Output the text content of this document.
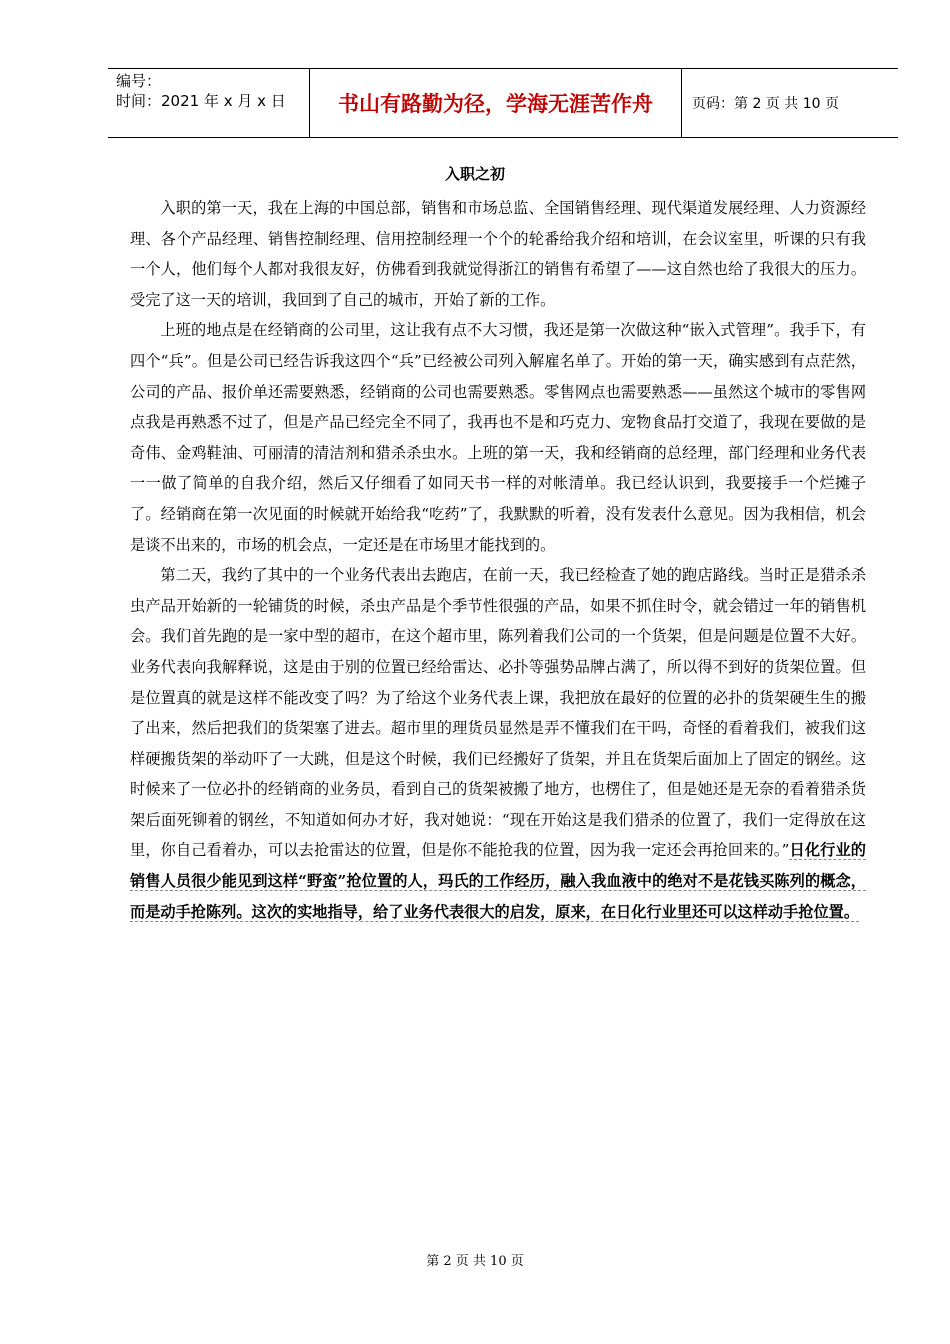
编号：
时间：2021 年 x 月 x 日	书山有路勤为径，学海无涯苦作舟	页码：第 2 页 共 10 页
入职之初

入职的第一天，我在上海的中国总部，销售和市场总监、全国销售经理、现代渠道发展经理、人力资源经理、各个产品经理、销售控制经理、信用控制经理一个个的轮番给我介绍和培训，在会议室里，听课的只有我一个人，他们每个人都对我很友好，仿佛看到我就觉得浙江的销售有希望了——这自然也给了我很大的压力。受完了这一天的培训，我回到了自己的城市，开始了新的工作。

上班的地点是在经销商的公司里，这让我有点不大习惯，我还是第一次做这种“嵌入式管理”。我手下，有四个“兵”。但是公司已经告诉我这四个“兵”已经被公司列入解雇名单了。开始的第一天，确实感到有点茫然，公司的产品、报价单还需要熟悉，经销商的公司也需要熟悉。零售网点也需要熟悉——虽然这个城市的零售网点我是再熟悉不过了，但是产品已经完全不同了，我再也不是和巧克力、宠物食品打交道了，我现在要做的是奇伟、金鸡鞋油、可丽清的清洁剂和猎杀杀虫水。上班的第一天，我和经销商的总经理，部门经理和业务代表一一做了简单的自我介绍，然后又仔细看了如同天书一样的对帐清单。我已经认识到，我要接手一个烂摊子了。经销商在第一次见面的时候就开始给我“吃药”了，我默默的听着，没有发表什么意见。因为我相信，机会是谈不出来的，市场的机会点，一定还是在市场里才能找到的。

第二天，我约了其中的一个业务代表出去跑店，在前一天，我已经检查了她的跑店路线。当时正是猎杀杀虫产品开始新的一轮铺货的时候，杀虫产品是个季节性很强的产品，如果不抓住时令，就会错过一年的销售机会。我们首先跑的是一家中型的超市，在这个超市里，陈列着我们公司的一个货架，但是问题是位置不大好。业务代表向我解释说，这是由于别的位置已经给雷达、必扑等强势品牌占满了，所以得不到好的货架位置。但是位置真的就是这样不能改变了吗？为了给这个业务代表上课，我把放在最好的位置的必扑的货架硬生生的搬了出来，然后把我们的货架塞了进去。超市里的理货员显然是弄不懂我们在干吗，奇怪的看着我们，被我们这样硬搬货架的举动吓了一大跳，但是这个时候，我们已经搬好了货架，并且在货架后面加上了固定的钢丝。这时候来了一位必扑的经销商的业务员，看到自己的货架被搬了地方，也楞住了，但是她还是无奈的看着猎杀货架后面死铆着的钢丝，不知道如何办才好，我对她说：“现在开始这是我们猎杀的位置了，我们一定得放在这里，你自己看着办，可以去抢雷达的位置，但是你不能抢我的位置，因为我一定还会再抢回来的。”日化行业的销售人员很少能见到这样“野蛮”抢位置的人，玛氏的工作经历，融入我血液中的绝对不是花钱买陈列的概念，而是动手抢陈列。这次的实地指导，给了业务代表很大的启发，原来，在日化行业里还可以这样动手抢位置。

第 2 页 共 10 页
